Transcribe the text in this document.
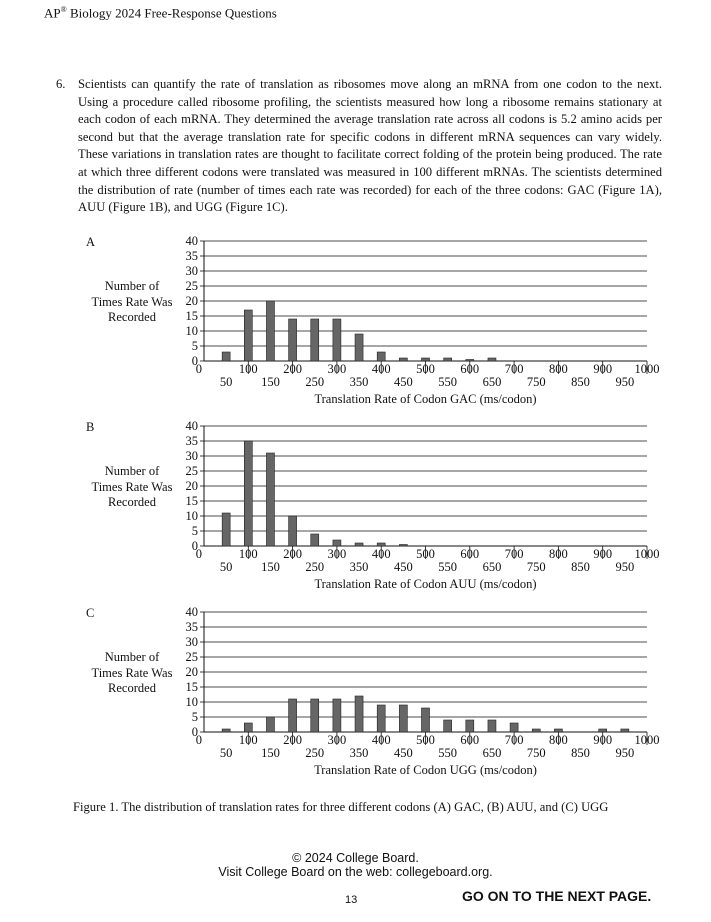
AP® Biology 2024 Free-Response Questions
6. Scientists can quantify the rate of translation as ribosomes move along an mRNA from one codon to the next. Using a procedure called ribosome profiling, the scientists measured how long a ribosome remains stationary at each codon of each mRNA. They determined the average translation rate across all codons is 5.2 amino acids per second but that the average translation rate for specific codons in different mRNA sequences can vary widely. These variations in translation rates are thought to facilitate correct folding of the protein being produced. The rate at which three different codons were translated was measured in 100 different mRNAs. The scientists determined the distribution of rate (number of times each rate was recorded) for each of the three codons: GAC (Figure 1A), AUU (Figure 1B), and UGG (Figure 1C).
A
Number of
Times Rate Was
Recorded
0
5
10
15
20
25
30
35
40
0	100 200 300 400 500 600 700 800 900 1000
50 150 250 350 450 550 650 750 850 950
Translation Rate of Codon GAC (ms/codon)
B
Number of
Times Rate Was
Recorded
0
5
10
15
20
25
30
35
40
0	100 200 300 400 500 600 700 800 900 1000
50 150 250 350 450 550 650 750 850 950
Translation Rate of Codon AUU (ms/codon)
C
Number of
Times Rate Was
Recorded
0
5
10
15
20
25
30
35
40
0	100 200 300 400 500 600 700 800 900 1000
50 150 250 350 450 550 650 750 850 950
Translation Rate of Codon UGG (ms/codon)
Figure 1. The distribution of translation rates for three different codons (A) GAC, (B) AUU, and (C) UGG
© 2024 College Board.
Visit College Board on the web: collegeboard.org.
13	GO ON TO THE NEXT PAGE.
